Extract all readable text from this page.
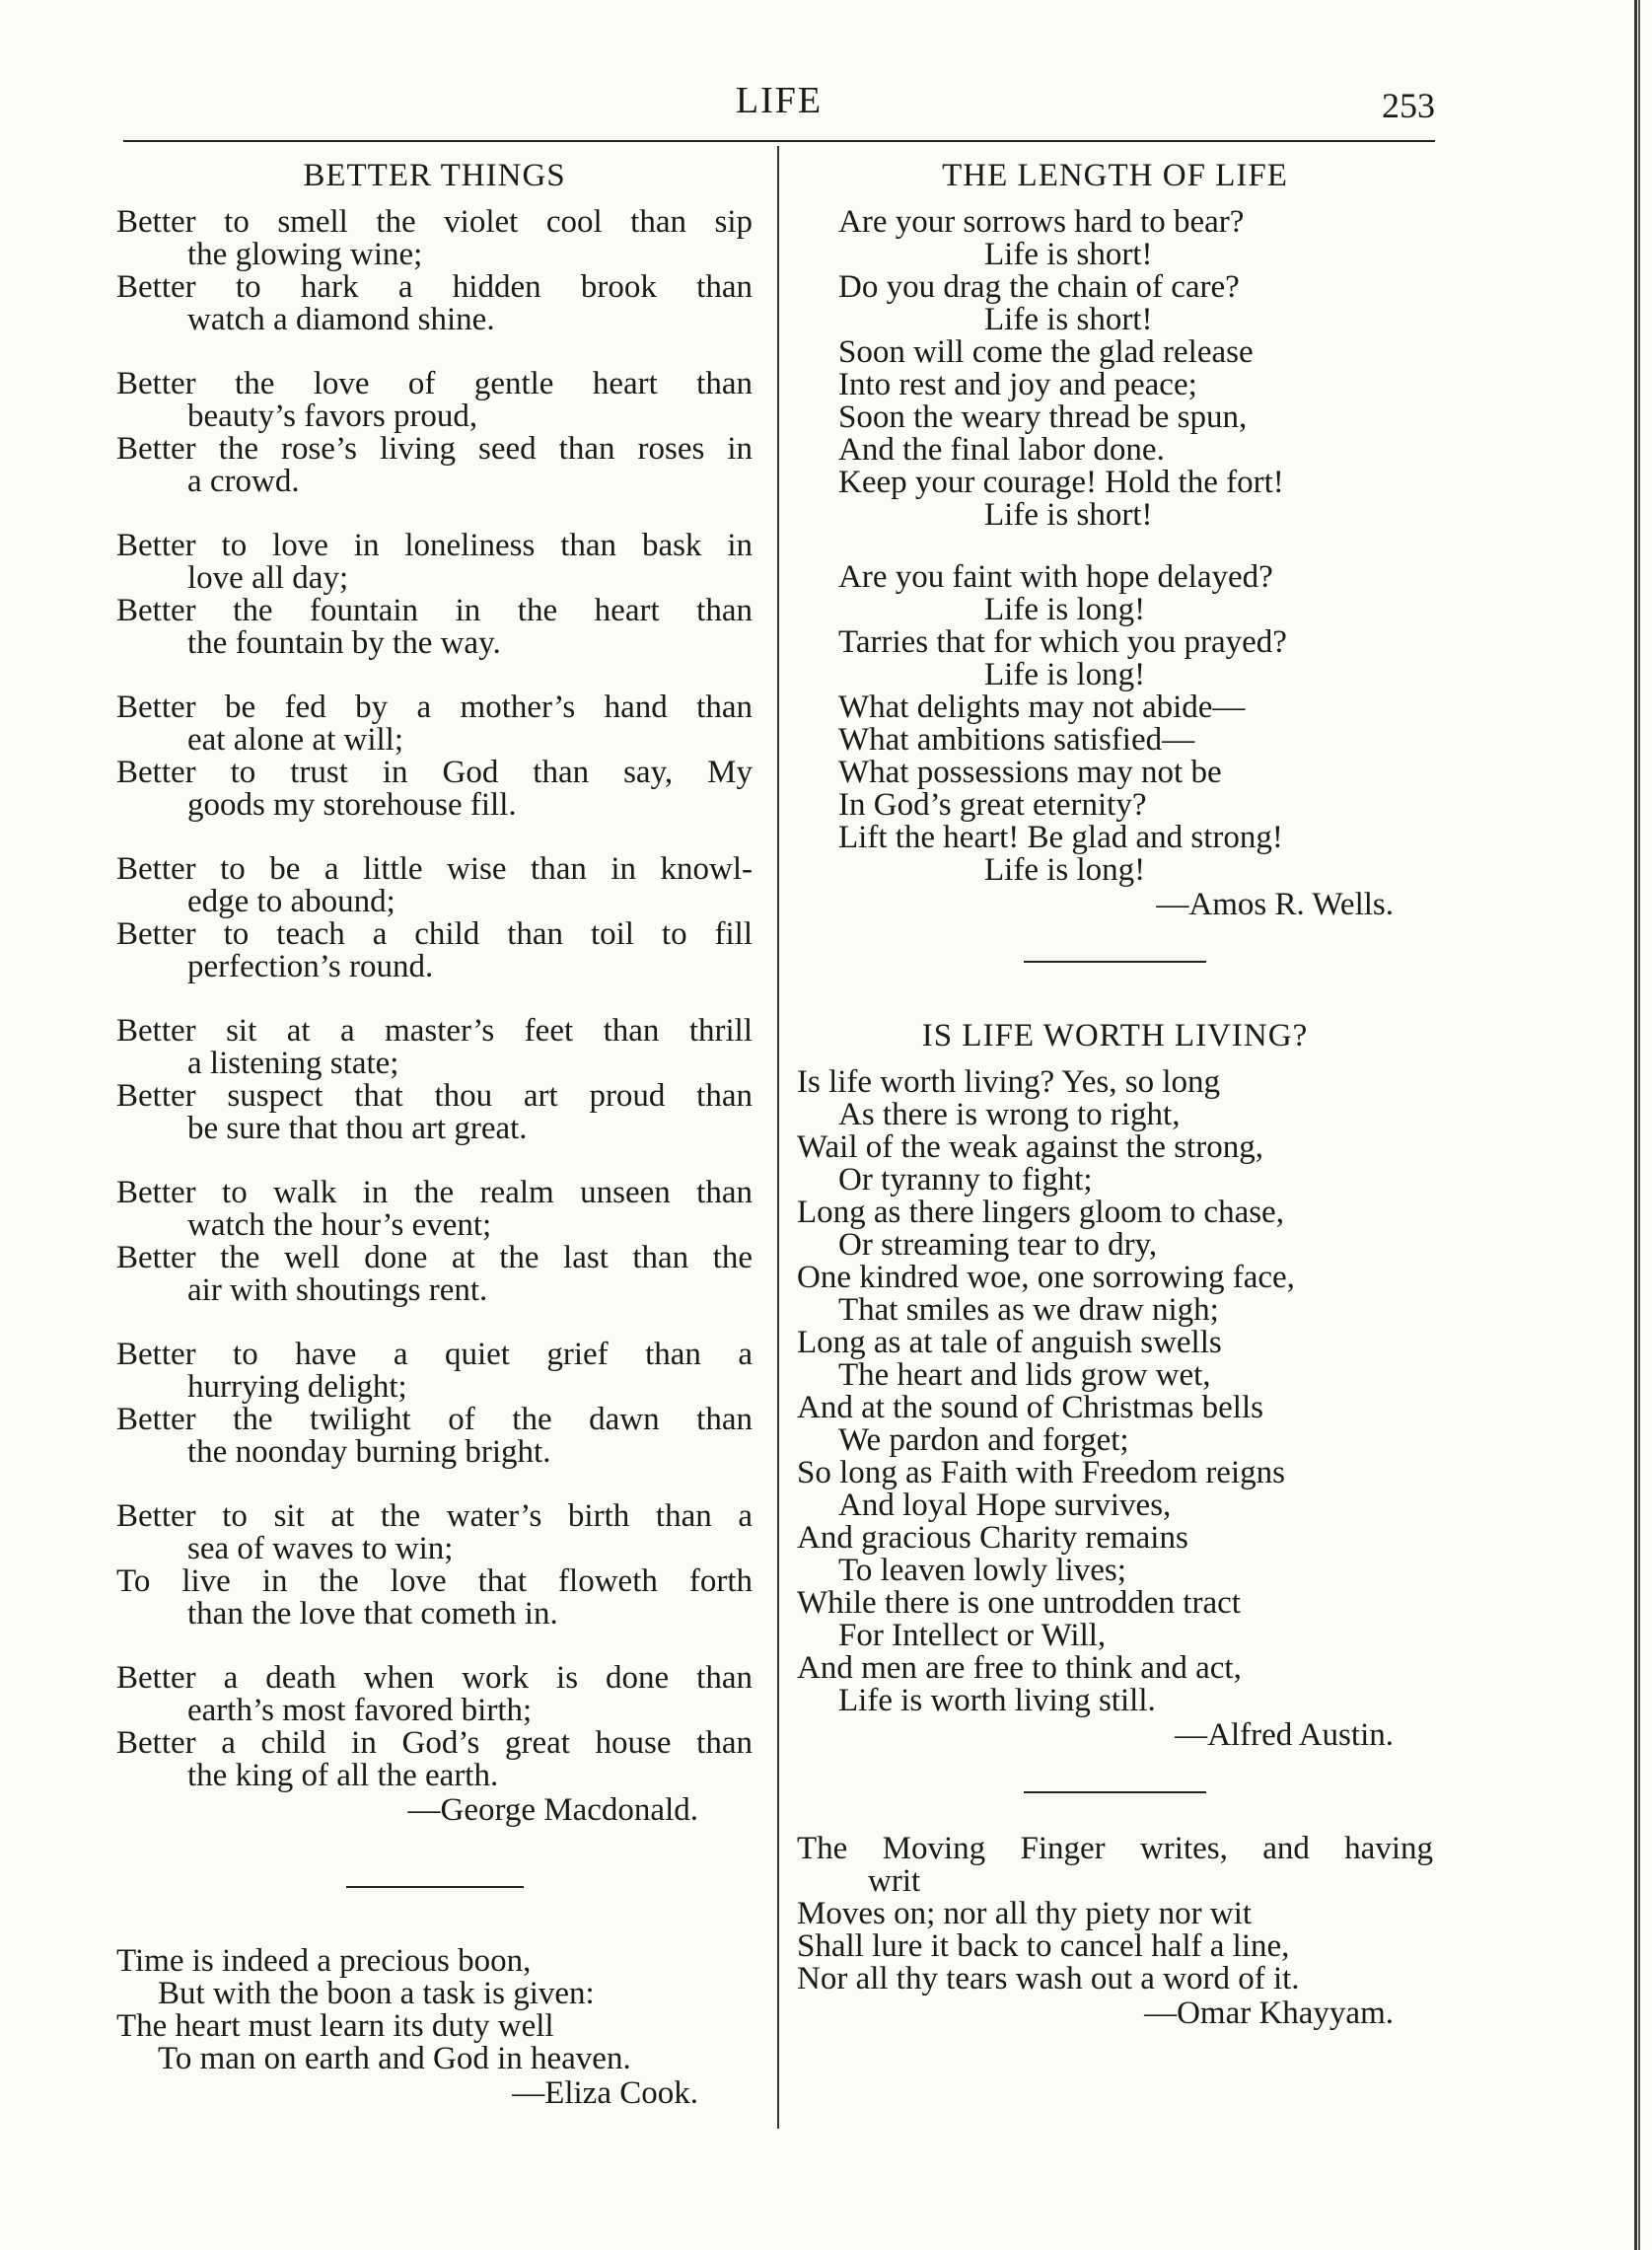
LIFE	253
BETTER THINGS
Better to smell the violet cool than sip
the glowing wine;
Better to hark a hidden brook than
watch a diamond shine.
Better the love of gentle heart than
beauty’s favors proud,
Better the rose’s living seed than roses in
a crowd.
Better to love in loneliness than bask in
love all day;
Better the fountain in the heart than
the fountain by the way.
Better be fed by a mother’s hand than
eat alone at will;
Better to trust in God than say, My
goods my storehouse fill.
Better to be a little wise than in knowl-
edge to abound;
Better to teach a child than toil to fill
perfection’s round.
Better sit at a master’s feet than thrill
a listening state;
Better suspect that thou art proud than
be sure that thou art great.
Better to walk in the realm unseen than
watch the hour’s event;
Better the well done at the last than the
air with shoutings rent.
Better to have a quiet grief than a
hurrying delight;
Better the twilight of the dawn than
the noonday burning bright.
Better to sit at the water’s birth than a
sea of waves to win;
To live in the love that floweth forth
than the love that cometh in.
Better a death when work is done than
earth’s most favored birth;
Better a child in God’s great house than
the king of all the earth.
—George Macdonald.
Time is indeed a precious boon,
But with the boon a task is given:
The heart must learn its duty well
To man on earth and God in heaven.
—Eliza Cook.
THE LENGTH OF LIFE
Are your sorrows hard to bear?
Life is short!
Do you drag the chain of care?
Life is short!
Soon will come the glad release
Into rest and joy and peace;
Soon the weary thread be spun,
And the final labor done.
Keep your courage! Hold the fort!
Life is short!
Are you faint with hope delayed?
Life is long!
Tarries that for which you prayed?
Life is long!
What delights may not abide—
What ambitions satisfied—
What possessions may not be
In God’s great eternity?
Lift the heart! Be glad and strong!
Life is long!
—Amos R. Wells.
IS LIFE WORTH LIVING?
Is life worth living? Yes, so long
As there is wrong to right,
Wail of the weak against the strong,
Or tyranny to fight;
Long as there lingers gloom to chase,
Or streaming tear to dry,
One kindred woe, one sorrowing face,
That smiles as we draw nigh;
Long as at tale of anguish swells
The heart and lids grow wet,
And at the sound of Christmas bells
We pardon and forget;
So long as Faith with Freedom reigns
And loyal Hope survives,
And gracious Charity remains
To leaven lowly lives;
While there is one untrodden tract
For Intellect or Will,
And men are free to think and act,
Life is worth living still.
—Alfred Austin.
The Moving Finger writes, and having
writ
Moves on; nor all thy piety nor wit
Shall lure it back to cancel half a line,
Nor all thy tears wash out a word of it.
—Omar Khayyam.
